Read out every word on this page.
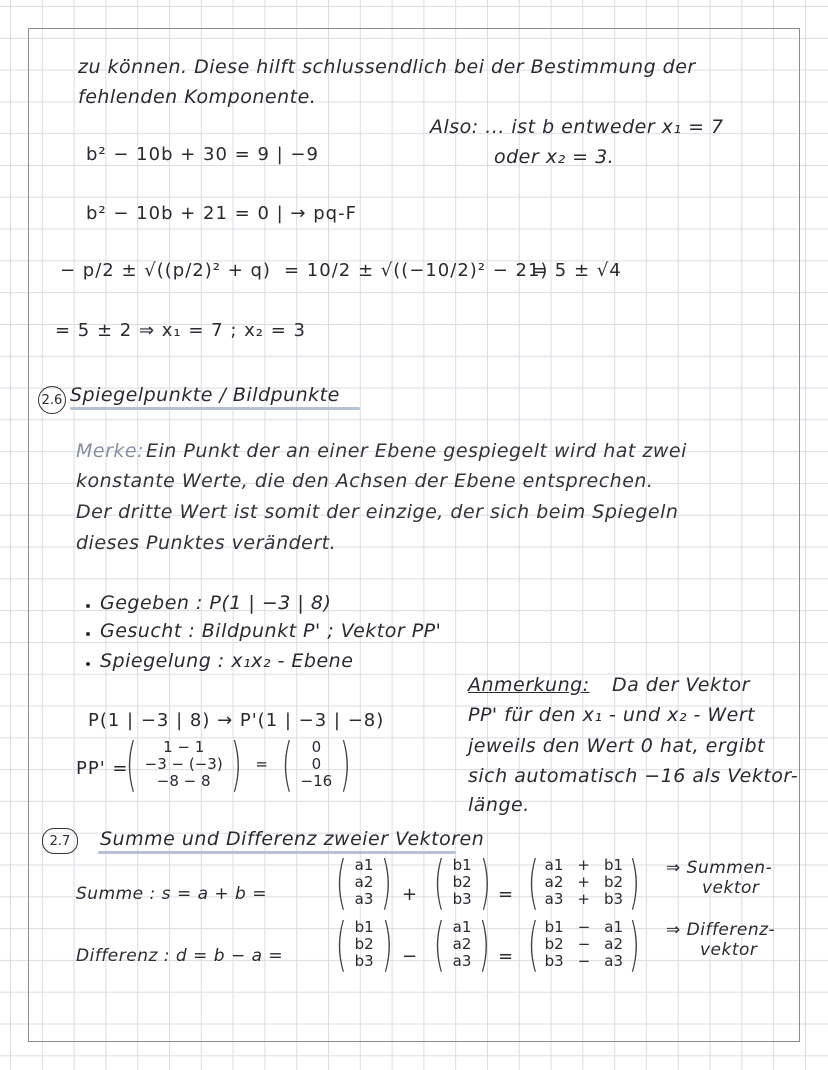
zu können. Diese hilft schlussendlich bei der Bestimmung der
fehlenden Komponente.
Also: ... ist b entweder x₁ = 7
oder x₂ = 3.
b² − 10b + 30 = 9 | −9
b² − 10b + 21 = 0 | → pq-F
− p/2 ± √((p/2)² + q) = 10/2 ± √((−10/2)² − 21)
= 5 ± √4
= 5 ± 2 ⇒ x₁ = 7 ; x₂ = 3
2.6 Spiegelpunkte / Bildpunkte
Merke: Ein Punkt der an einer Ebene gespiegelt wird hat zwei
konstante Werte, die den Achsen der Ebene entsprechen.
Der dritte Wert ist somit der einzige, der sich beim Spiegeln
dieses Punktes verändert.
Gegeben : P(1 | −3 | 8)
Gesucht : Bildpunkt P' ; Vektor PP'
Spiegelung : x₁x₂ - Ebene
P(1 | −3 | 8) → P'(1 | −3 | −8)
PP' =
( 1 − 1
−3 − (−3)
−8 − 8 ) = ( 0
0
−16 )
Anmerkung: Da der Vektor
PP' für den x₁ - und x₂ - Wert
jeweils den Wert 0 hat, ergibt
sich automatisch −16 als Vektor-
länge.
2.7	Summe und Differenz zweier Vektoren
Summe : s = a + b = ( a1
a2
a3 ) + ( b1
b2
b3 ) = ( a1 + b1
a2 + b2
a3 + b3 ) ⇒ Summen-
vektor
Differenz : d = b − a = ( b1
b2
b3 ) − ( a1
a2
a3 ) = ( b1 − a1
b2 − a2
b3 − a3 ) ⇒ Differenz-
vektor
